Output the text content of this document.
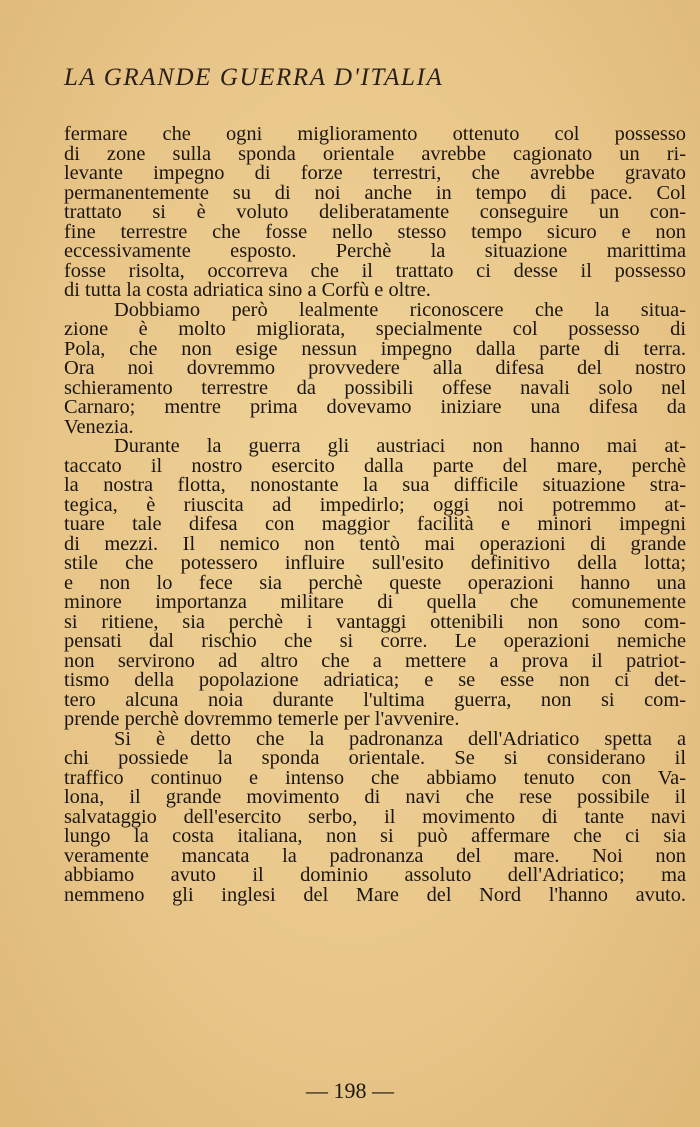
LA GRANDE GUERRA D'ITALIA
fermare che ogni miglioramento ottenuto col possesso
di zone sulla sponda orientale avrebbe cagionato un ri-
levante impegno di forze terrestri, che avrebbe gravato
permanentemente su di noi anche in tempo di pace. Col
trattato si è voluto deliberatamente conseguire un con-
fine terrestre che fosse nello stesso tempo sicuro e non
eccessivamente esposto. Perchè la situazione marittima
fosse risolta, occorreva che il trattato ci desse il possesso
di tutta la costa adriatica sino a Corfù e oltre.
Dobbiamo però lealmente riconoscere che la situa-
zione è molto migliorata, specialmente col possesso di
Pola, che non esige nessun impegno dalla parte di terra.
Ora noi dovremmo provvedere alla difesa del nostro
schieramento terrestre da possibili offese navali solo nel
Carnaro; mentre prima dovevamo iniziare una difesa da
Venezia.
Durante la guerra gli austriaci non hanno mai at-
taccato il nostro esercito dalla parte del mare, perchè
la nostra flotta, nonostante la sua difficile situazione stra-
tegica, è riuscita ad impedirlo; oggi noi potremmo at-
tuare tale difesa con maggior facilità e minori impegni
di mezzi. Il nemico non tentò mai operazioni di grande
stile che potessero influire sull'esito definitivo della lotta;
e non lo fece sia perchè queste operazioni hanno una
minore importanza militare di quella che comunemente
si ritiene, sia perchè i vantaggi ottenibili non sono com-
pensati dal rischio che si corre. Le operazioni nemiche
non servirono ad altro che a mettere a prova il patriot-
tismo della popolazione adriatica; e se esse non ci det-
tero alcuna noia durante l'ultima guerra, non si com-
prende perchè dovremmo temerle per l'avvenire.
Si è detto che la padronanza dell'Adriatico spetta a
chi possiede la sponda orientale. Se si considerano il
traffico continuo e intenso che abbiamo tenuto con Va-
lona, il grande movimento di navi che rese possibile il
salvataggio dell'esercito serbo, il movimento di tante navi
lungo la costa italiana, non si può affermare che ci sia
veramente mancata la padronanza del mare. Noi non
abbiamo avuto il dominio assoluto dell'Adriatico; ma
nemmeno gli inglesi del Mare del Nord l'hanno avuto.
— 198 —
